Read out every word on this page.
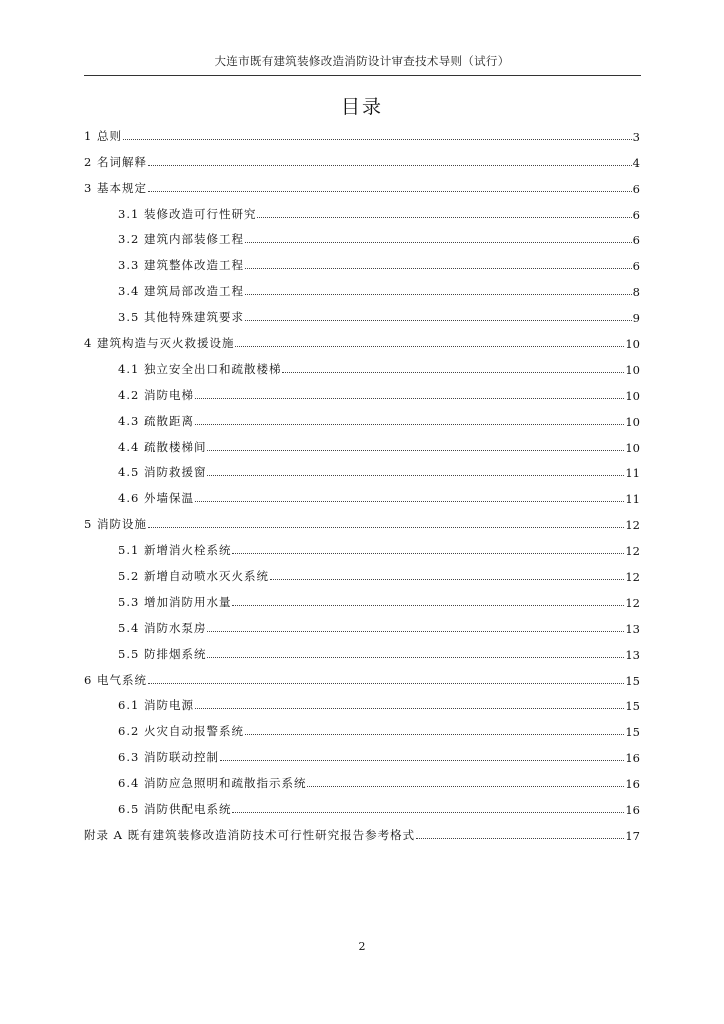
大连市既有建筑装修改造消防设计审查技术导则（试行）
目录
1 总则	3
2 名词解释	4
3 基本规定	6
3.1 装修改造可行性研究	6
3.2 建筑内部装修工程	6
3.3 建筑整体改造工程	6
3.4 建筑局部改造工程	8
3.5 其他特殊建筑要求	9
4 建筑构造与灭火救援设施	10
4.1 独立安全出口和疏散楼梯	10
4.2 消防电梯	10
4.3 疏散距离	10
4.4 疏散楼梯间	10
4.5 消防救援窗	11
4.6 外墙保温	11
5 消防设施	12
5.1 新增消火栓系统	12
5.2 新增自动喷水灭火系统	12
5.3 增加消防用水量	12
5.4 消防水泵房	13
5.5 防排烟系统	13
6 电气系统	15
6.1 消防电源	15
6.2 火灾自动报警系统	15
6.3 消防联动控制	16
6.4 消防应急照明和疏散指示系统	16
6.5 消防供配电系统	16
附录 A 既有建筑装修改造消防技术可行性研究报告参考格式	17
2
